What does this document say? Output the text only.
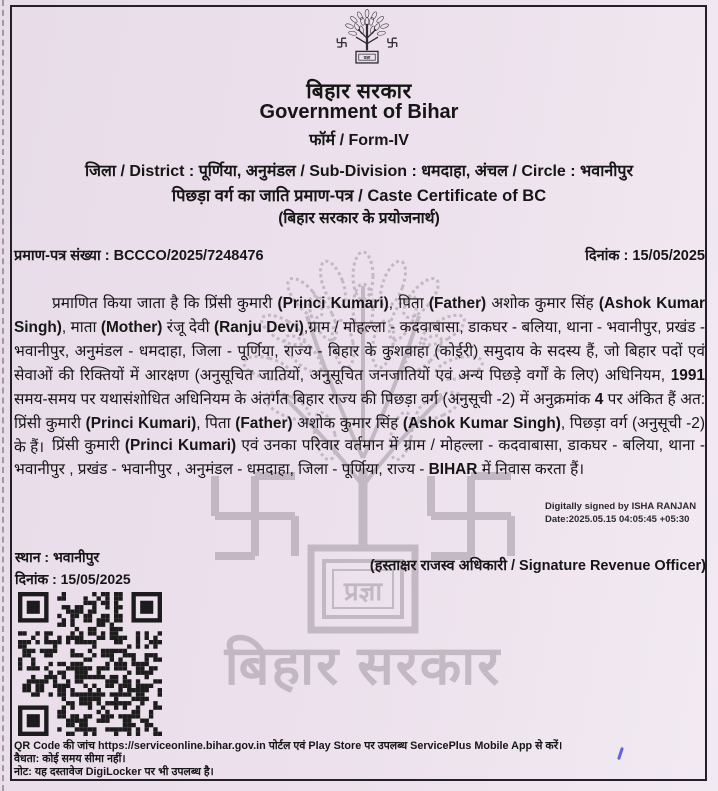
प्रज्ञा
बिहार सरकार
प्रज्ञा
बिहार सरकार
Government of Bihar
फॉर्म / Form-IV
जिला / District : पूर्णिया, अनुमंडल / Sub-Division : धमदाहा, अंचल / Circle : भवानीपुर
पिछड़ा वर्ग का जाति प्रमाण-पत्र / Caste Certificate of BC
(बिहार सरकार के प्रयोजनार्थ)
प्रमाण-पत्र संख्या : BCCCO/2025/7248476	दिनांक : 15/05/2025
प्रमाणित किया जाता है कि प्रिंसी कुमारी (Princi Kumari), पिता (Father) अशोक कुमार सिंह (Ashok Kumar Singh), माता (Mother) रंजू देवी (Ranju Devi),ग्राम / मोहल्ला - कदवाबासा, डाकघर - बलिया, थाना - भवानीपुर, प्रखंड - भवानीपुर, अनुमंडल - धमदाहा, जिला - पूर्णिया, राज्य - बिहार के कुशवाहा (कोईरी) समुदाय के सदस्य हैं, जो बिहार पदों एवं सेवाओं की रिक्तियों में आरक्षण (अनुसूचित जातियों, अनुसूचित जनजातियों एवं अन्य पिछड़े वर्गों के लिए) अधिनियम, 1991 समय-समय पर यथासंशोधित अधिनियम के अंतर्गत बिहार राज्य की पिछड़ा वर्ग (अनुसूची -2) में अनुक्रमांक 4 पर अंकित हैं अत: प्रिंसी कुमारी (Princi Kumari), पिता (Father) अशोक कुमार सिंह (Ashok Kumar Singh), पिछड़ा वर्ग (अनुसूची -2) के हैं। प्रिंसी कुमारी (Princi Kumari) एवं उनका परिवार वर्तमान में ग्राम / मोहल्ला - कदवाबासा, डाकघर - बलिया, थाना - भवानीपुर , प्रखंड - भवानीपुर , अनुमंडल - धमदाहा, जिला - पूर्णिया, राज्य - BIHAR में निवास करता हैं।
Digitally signed by ISHA RANJAN
Date:2025.05.15 04:05:45 +05:30
(हस्ताक्षर राजस्व अधिकारी / Signature Revenue Officer)
स्थान : भवानीपुर
दिनांक : 15/05/2025
QR Code की जांच https://serviceonline.bihar.gov.in पोर्टल एवं Play Store पर उपलब्ध ServicePlus Mobile App से करें।
वैधता: कोई समय सीमा नहीं।
नोट: यह दस्तावेज DigiLocker पर भी उपलब्ध है।
